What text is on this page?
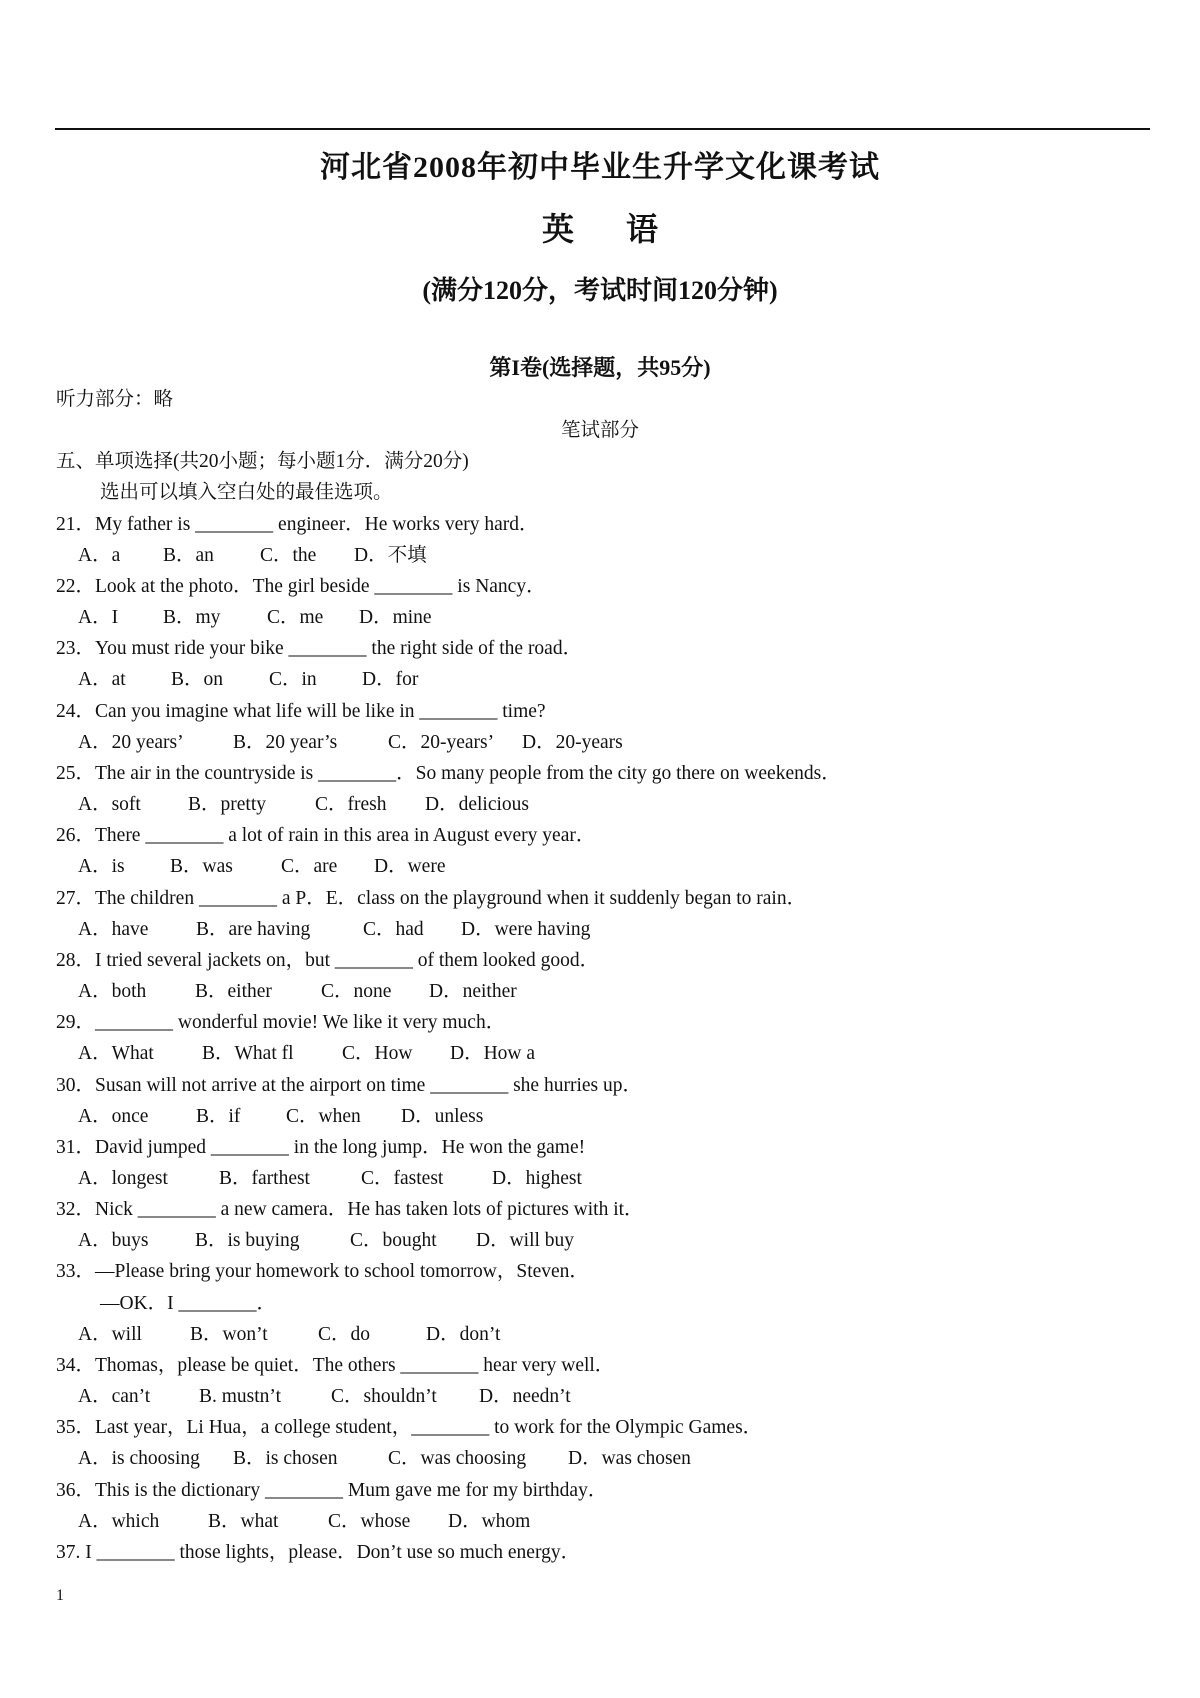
河北省2008年初中毕业生升学文化课考试
英 语
(满分120分，考试时间120分钟)
第I卷(选择题，共95分)
听力部分：略
笔试部分
五、单项选择(共20小题；每小题1分．满分20分)
选出可以填入空白处的最佳选项。
21．My father is ________ engineer．He works very hard．
A．a B．an C．the D．不填
22．Look at the photo．The girl beside ________ is Nancy．
A．I B．my C．me D．mine
23．You must ride your bike ________ the right side of the road．
A．at B．on C．in D．for
24．Can you imagine what life will be like in ________ time?
A．20 years’	B．20 year’s	C．20-years’ D．20-years
25．The air in the countryside is ________．So many people from the city go there on weekends．
A．soft B．pretty	C．fresh D．delicious
26．There ________ a lot of rain in this area in August every year．
A．is B．was C．are D．were
27．The children ________ a P．E．class on the playground when it suddenly began to rain．
A．have B．are having	C．had D．were having
28．I tried several jackets on，but ________ of them looked good．
A．both B．either	C．none D．neither
29．________ wonderful movie! We like it very much．
A．What B．What fl C．How D．How a
30．Susan will not arrive at the airport on time ________ she hurries up．
A．once B．if C．when D．unless
31．David jumped ________ in the long jump．He won the game!
A．longest	B．farthest	C．fastest D．highest
32．Nick ________ a new camera．He has taken lots of pictures with it．
A．buys B．is buying	C．bought D．will buy
33．—Please bring your homework to school tomorrow，Steven．
—OK．I ________．
A．will B．won’t	C．do	D．don’t
34．Thomas，please be quiet．The others ________ hear very well．
A．can’t	B. mustn’t	C．shouldn’t D．needn’t
35．Last year，Li Hua，a college student，________ to work for the Olympic Games．
A．is choosing B．is chosen	C．was choosing D．was chosen
36．This is the dictionary ________ Mum gave me for my birthday．
A．which	B．what	C．whose D．whom
37. I ________ those lights，please．Don’t use so much energy．
1
